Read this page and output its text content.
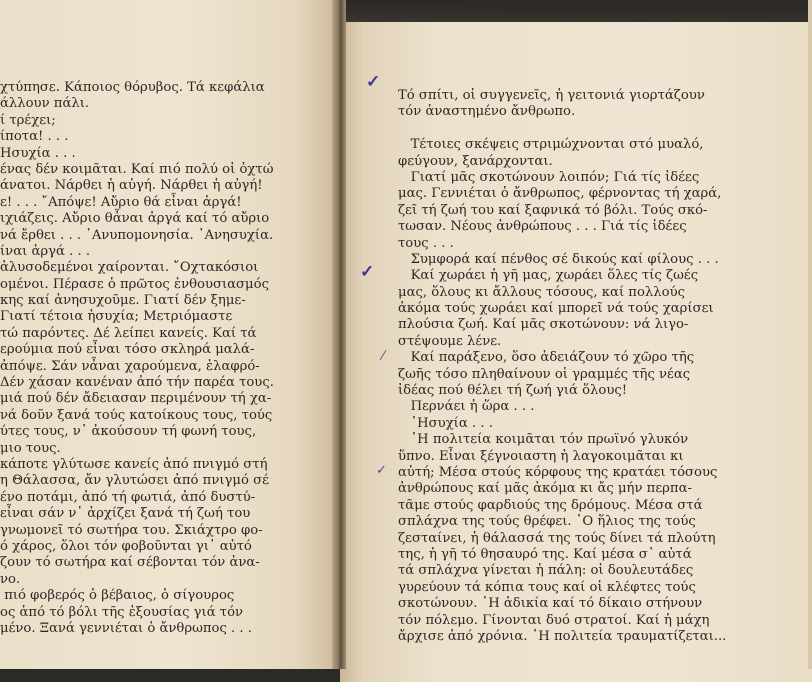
χτύπησε. Κάποιος θόρυβος. Τά κεφάλια
άλλουν πάλι.
ί τρέχει;
ίποτα! . . .
Ησυχία . . .
ένας δέν κοιμᾶται. Καί πιό πολύ οἱ ὀχτώ
άνατοι. Νάρθει ἡ αὐγή. Νάρθει ἡ αὐγή!
ε! . . . ῎Απόψε! Αὔριο θά εἶναι ἀργά!
ιχιάζεις. Αὔριο θἆναι ἀργά καί τό αὔριο
νά ἔρθει . . . ᾽Ανυπομονησία. ᾽Ανησυχία.
ίναι ἀργά . . .
ἀλυσοδεμένοι χαίρονται. ῎Οχτακόσιοι
ομένοι. Πέρασε ὁ πρῶτος ἐνθουσιασμός
κης καί ἀνησυχοῦμε. Γιατί δέν ξημε-
Γιατί τέτοια ἡσυχία; Μετριόμαστε
τώ παρόντες. Δέ λείπει κανείς. Καί τά
ερούμια πού εἶναι τόσο σκληρά μαλά-
ἀπόψε. Σάν νἆναι χαρούμενα, ἐλαφρό-
Δέν χάσαν κανέναν ἀπό τήν παρέα τους.
μιά πού δέν ἄδειασαν περιμένουν τή χα-
νά δοῦν ξανά τούς κατοίκους τους, τούς
ύτες τους, ν᾽ ἀκούσουν τή φωνή τους,
μιο τους.
κάποτε γλύτωσε κανείς ἀπό πνιγμό στή
η Θάλασσα, ἄν γλυτώσει ἀπό πνιγμό σέ
ένο ποτάμι, ἀπό τή φωτιά, ἀπό δυστύ-
εἶναι σάν ν᾽ ἀρχίζει ξανά τή ζωή του
γνωμονεῖ τό σωτήρα του. Σκιάχτρο φο-
ό χάρος, ὅλοι τόν φοβοῦνται γι᾽ αὐτό
ζουν τό σωτήρα καί σέβονται τόν ἀνα-
νο.
πιό φοβερός ὁ βέβαιος, ὁ σίγουρος
ος ἀπό τό βόλι τῆς ἐξουσίας γιά τόν
μένο. Ξανά γεννιέται ὁ ἄνθρωπος . . .
Τό σπίτι, οἱ συγγενεῖς, ἡ γειτονιά γιορτάζουν
τόν ἀναστημένο ἄνθρωπο.
Τέτοιες σκέψεις στριμώχνονται στό μυαλό,
φεύγουν, ξανάρχονται.
Γιατί μᾶς σκοτώνουν λοιπόν; Γιά τίς ἰδέες
μας. Γεννιέται ὁ ἄνθρωπος, φέρνοντας τή χαρά,
ζεῖ τή ζωή του καί ξαφνικά τό βόλι. Τούς σκό-
τωσαν. Νέους ἀνθρώπους . . . Γιά τίς ἰδέες
τους . . .
Συμφορά καί πένθος σέ δικούς καί φίλους . . .
Καί χωράει ἡ γῆ μας, χωράει ὅλες τίς ζωές
μας, ὅλους κι ἄλλους τόσους, καί πολλούς
ἀκόμα τούς χωράει καί μπορεῖ νά τούς χαρίσει
πλούσια ζωή. Καί μᾶς σκοτώνουν: νά λιγο-
στέψουμε λένε.
Καί παράξενο, ὅσο ἀδειάζουν τό χῶρο τῆς
ζωῆς τόσο πληθαίνουν οἱ γραμμές τῆς νέας
ἰδέας πού θέλει τή ζωή γιά ὅλους!
Περνάει ἡ ὥρα . . .
῾Ησυχία . . .
῾Η πολιτεία κοιμᾶται τόν πρωϊνό γλυκόν
ὕπνο. Εἶναι ξέγνοιαστη ἡ λαγοκοιμᾶται κι
αὐτή; Μέσα στούς κόρφους της κρατάει τόσους
ἀνθρώπους καί μᾶς ἀκόμα κι ἄς μήν περπα-
τᾶμε στούς φαρδιούς της δρόμους. Μέσα στά
σπλάχνα της τούς θρέφει. ῾Ο ἥλιος της τούς
ζεσταίνει, ἡ θάλασσά της τούς δίνει τά πλούτη
της, ἡ γῆ τό θησαυρό της. Καί μέσα σ᾽ αὐτά
τά σπλάχνα γίνεται ἡ πάλη: οἱ δουλευτάδες
γυρεύουν τά κόπια τους καί οἱ κλέφτες τούς
σκοτώνουν. ῾Η ἀδικία καί τό δίκαιο στήνουν
τόν πόλεμο. Γίνονται δυό στρατοί. Καί ἡ μάχη
ἄρχισε ἀπό χρόνια. ῾Η πολιτεία τραυματίζεται...
✓
✓
⁄
✓
